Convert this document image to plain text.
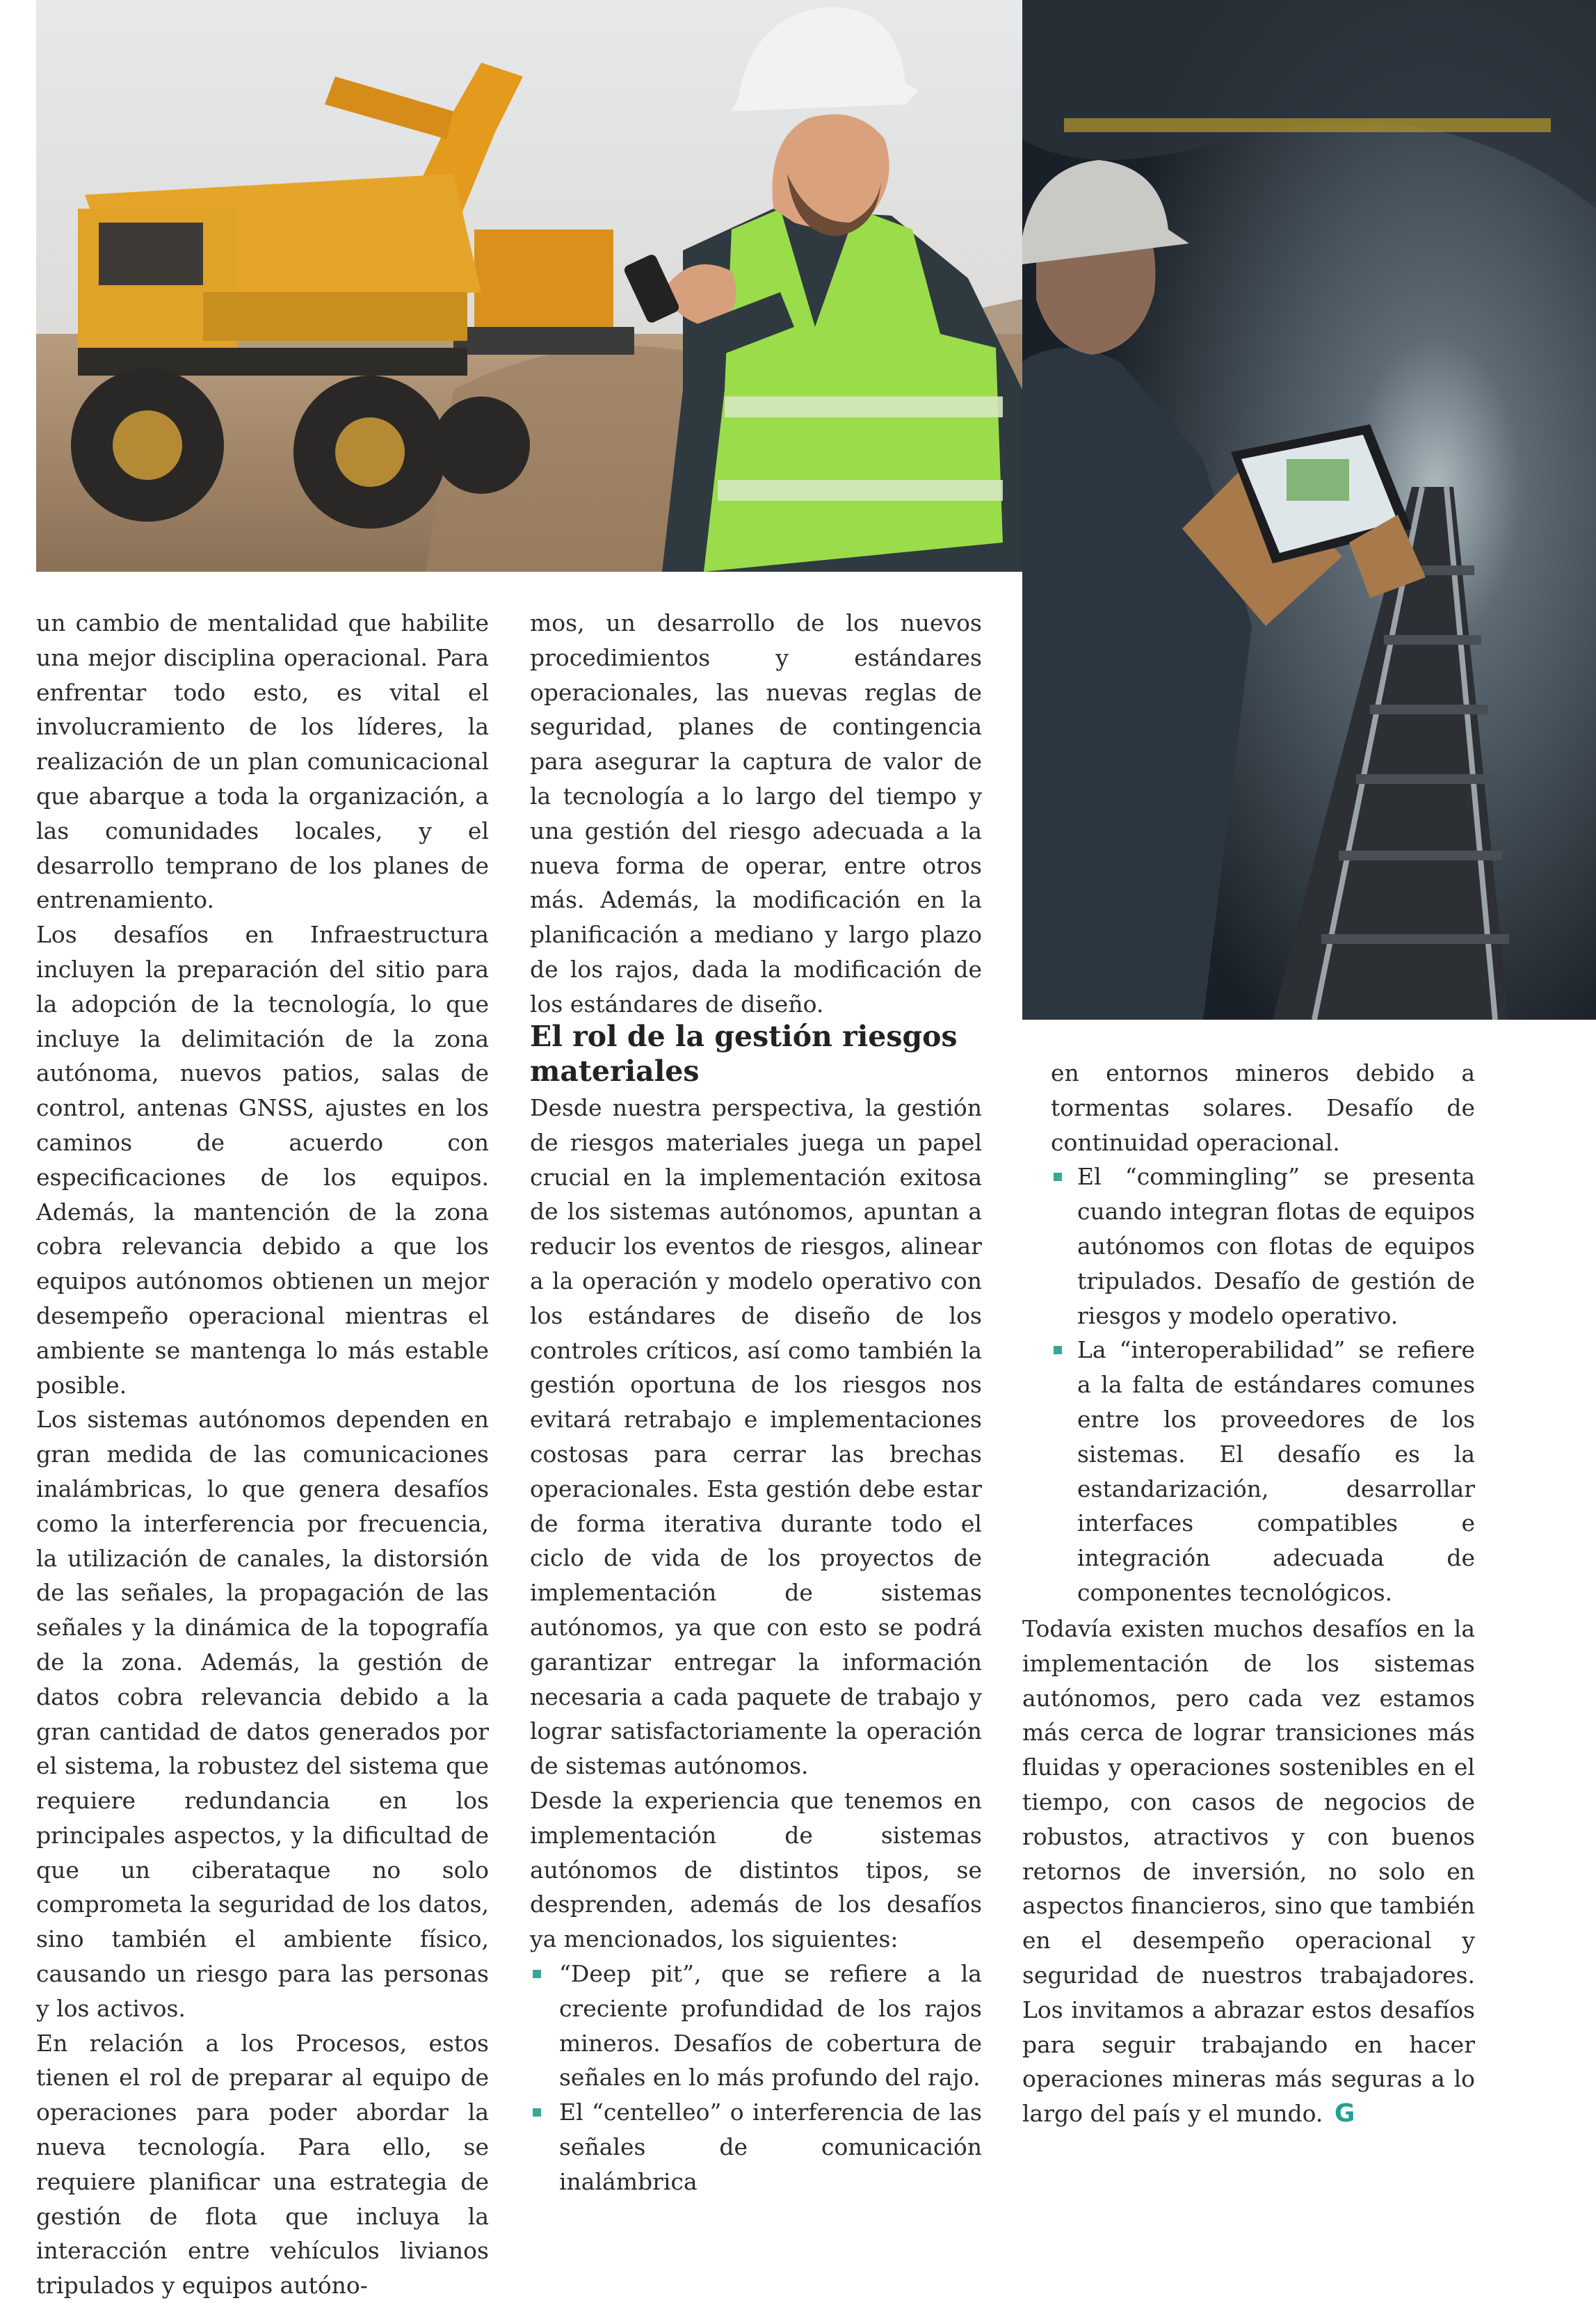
un cambio de mentalidad que habilite una mejor disciplina operacional. Para enfrentar todo esto, es vital el involucramiento de los líderes, la realización de un plan comunicacional que abarque a toda la organización, a las comunidades locales, y el desarrollo temprano de los planes de entrenamiento.

Los desafíos en Infraestructura incluyen la preparación del sitio para la adopción de la tecnología, lo que incluye la delimitación de la zona autónoma, nuevos patios, salas de control, antenas GNSS, ajustes en los caminos de acuerdo con especificaciones de los equipos. Además, la mantención de la zona cobra relevancia debido a que los equipos autónomos obtienen un mejor desempeño operacional mientras el ambiente se mantenga lo más estable posible.

Los sistemas autónomos dependen en gran medida de las comunicaciones inalámbricas, lo que genera desafíos como la interferencia por frecuencia, la utilización de canales, la distorsión de las señales, la propagación de las señales y la dinámica de la topografía de la zona. Además, la gestión de datos cobra relevancia debido a la gran cantidad de datos generados por el sistema, la robustez del sistema que requiere redundancia en los principales aspectos, y la dificultad de que un ciberataque no solo comprometa la seguridad de los datos, sino también el ambiente físico, causando un riesgo para las personas y los activos.

En relación a los Procesos, estos tienen el rol de preparar al equipo de operaciones para poder abordar la nueva tecnología. Para ello, se requiere planificar una estrategia de gestión de flota que incluya la interacción entre vehículos livianos tripulados y equipos autóno-

mos, un desarrollo de los nuevos procedimientos y estándares operacionales, las nuevas reglas de seguridad, planes de contingencia para asegurar la captura de valor de la tecnología a lo largo del tiempo y una gestión del riesgo adecuada a la nueva forma de operar, entre otros más. Además, la modificación en la planificación a mediano y largo plazo de los rajos, dada la modificación de los estándares de diseño.

El rol de la gestión riesgos materiales

Desde nuestra perspectiva, la gestión de riesgos materiales juega un papel crucial en la implementación exitosa de los sistemas autónomos, apuntan a reducir los eventos de riesgos, alinear a la operación y modelo operativo con los estándares de diseño de los controles críticos, así como también la gestión oportuna de los riesgos nos evitará retrabajo e implementaciones costosas para cerrar las brechas operacionales. Esta gestión debe estar de forma iterativa durante todo el ciclo de vida de los proyectos de implementación de sistemas autónomos, ya que con esto se podrá garantizar entregar la información necesaria a cada paquete de trabajo y lograr satisfactoriamente la operación de sistemas autónomos.

Desde la experiencia que tenemos en implementación de sistemas autónomos de distintos tipos, se desprenden, además de los desafíos ya mencionados, los siguientes:

“Deep pit”, que se refiere a la creciente profundidad de los rajos mineros. Desafíos de cobertura de señales en lo más profundo del rajo.
El “centelleo” o interferencia de las señales de comunicación inalámbrica

en entornos mineros debido a tormentas solares. Desafío de continuidad operacional.

El “commingling” se presenta cuando integran flotas de equipos autónomos con flotas de equipos tripulados. Desafío de gestión de riesgos y modelo operativo.
La “interoperabilidad” se refiere a la falta de estándares comunes entre los proveedores de los sistemas. El desafío es la estandarización, desarrollar interfaces compatibles e integración adecuada de componentes tecnológicos.

Todavía existen muchos desafíos en la implementación de los sistemas autónomos, pero cada vez estamos más cerca de lograr transiciones más fluidas y operaciones sostenibles en el tiempo, con casos de negocios de robustos, atractivos y con buenos retornos de inversión, no solo en aspectos financieros, sino que también en el desempeño operacional y seguridad de nuestros trabajadores. Los invitamos a abrazar estos desafíos para seguir trabajando en hacer operaciones mineras más seguras a lo largo del país y el mundo. G
